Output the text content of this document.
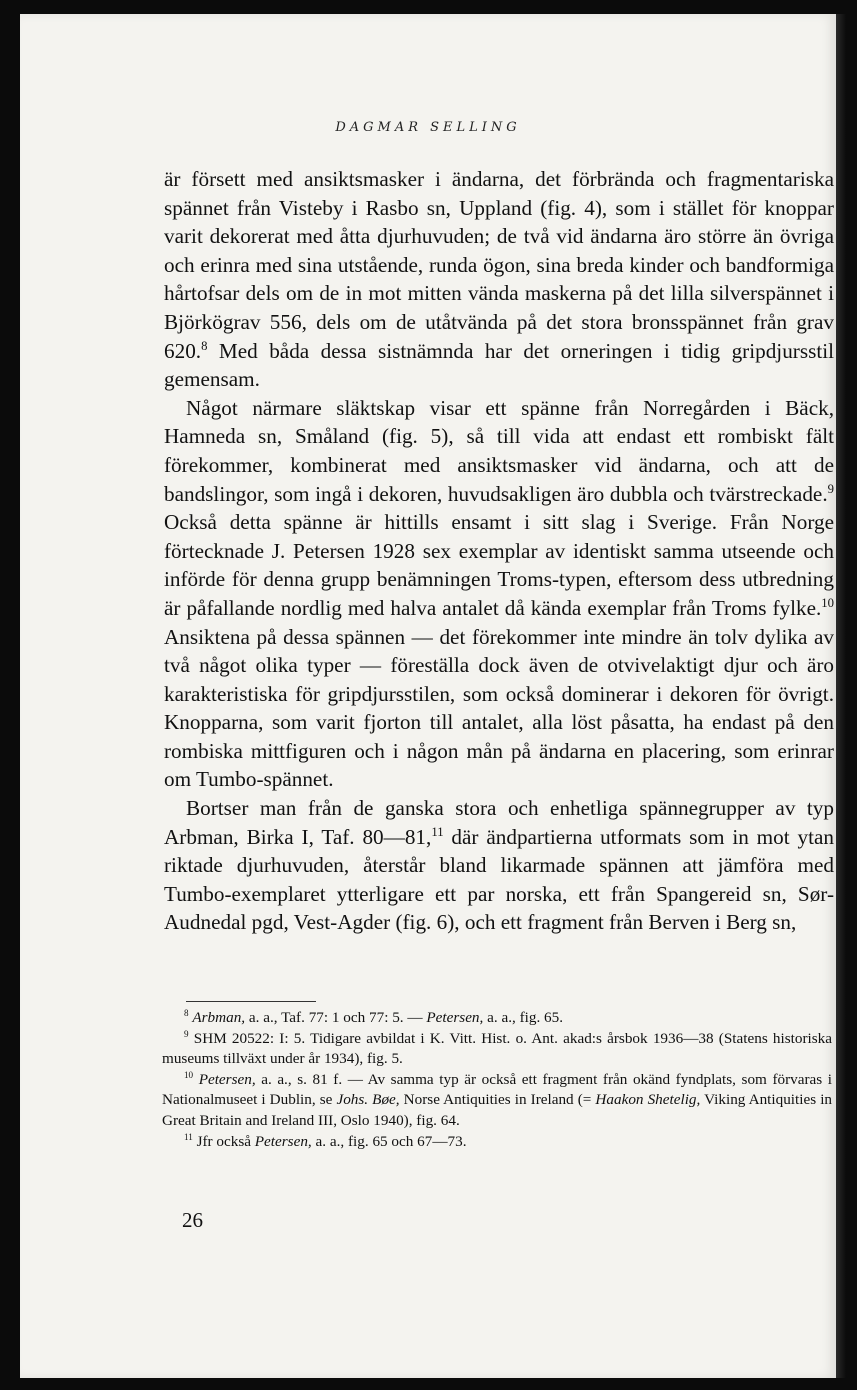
DAGMAR SELLING

är försett med ansiktsmasker i ändarna, det förbrända och fragmentariska spännet från Visteby i Rasbo sn, Uppland (fig. 4), som i stället för knoppar varit dekorerat med åtta djurhuvuden; de två vid ändarna äro större än övriga och erinra med sina utstående, runda ögon, sina breda kinder och bandformiga hårtofsar dels om de in mot mitten vända maskerna på det lilla silverspännet i Björkögrav 556, dels om de utåtvända på det stora bronsspännet från grav 620.$^8$ Med båda dessa sistnämnda har det orneringen i tidig gripdjursstil gemensam.

Något närmare släktskap visar ett spänne från Norregården i Bäck, Hamneda sn, Småland (fig. 5), så till vida att endast ett rombiskt fält förekommer, kombinerat med ansiktsmasker vid ändarna, och att de bandslingor, som ingå i dekoren, huvudsakligen äro dubbla och tvärstreckade.$^9$ Också detta spänne är hittills ensamt i sitt slag i Sverige. Från Norge förtecknade J. Petersen 1928 sex exemplar av identiskt samma utseende och införde för denna grupp benämningen Troms-typen, eftersom dess utbredning är påfallande nordlig med halva antalet då kända exemplar från Troms fylke.$^{10}$ Ansiktena på dessa spännen — det förekommer inte mindre än tolv dylika av två något olika typer — föreställa dock även de otvivelaktigt djur och äro karakteristiska för gripdjursstilen, som också dominerar i dekoren för övrigt. Knopparna, som varit fjorton till antalet, alla löst påsatta, ha endast på den rombiska mittfiguren och i någon mån på ändarna en placering, som erinrar om Tumbo-spännet.

Bortser man från de ganska stora och enhetliga spännegrupper av typ Arbman, Birka I, Taf. 80—81,11 där ändpartierna utformats som in mot ytan riktade djurhuvuden, återstår bland likarmade spännen att jämföra med Tumbo-exemplaret ytterligare ett par norska, ett från Spangereid sn, Sør-Audnedal pgd, Vest-Agder (fig. 6), och ett fragment från Berven i Berg sn,

$^8$ Arbman, a. a., Taf. 77: 1 och 77: 5. — Petersen, a. a., fig. 65.

$^9$ SHM 20522: I: 5. Tidigare avbildat i K. Vitt. Hist. o. Ant. akad:s årsbok 1936—38 (Statens historiska museums tillväxt under år 1934), fig. 5.

$^{10}$ Petersen, a. a., s. 81 f. — Av samma typ är också ett fragment från okänd fyndplats, som förvaras i Nationalmuseet i Dublin, se Johs. Bøe, Norse Antiquities in Ireland (= Haakon Shetelig, Viking Antiquities in Great Britain and Ireland III, Oslo 1940), fig. 64.

$^{11}$ Jfr också Petersen, a. a., fig. 65 och 67—73.

26
